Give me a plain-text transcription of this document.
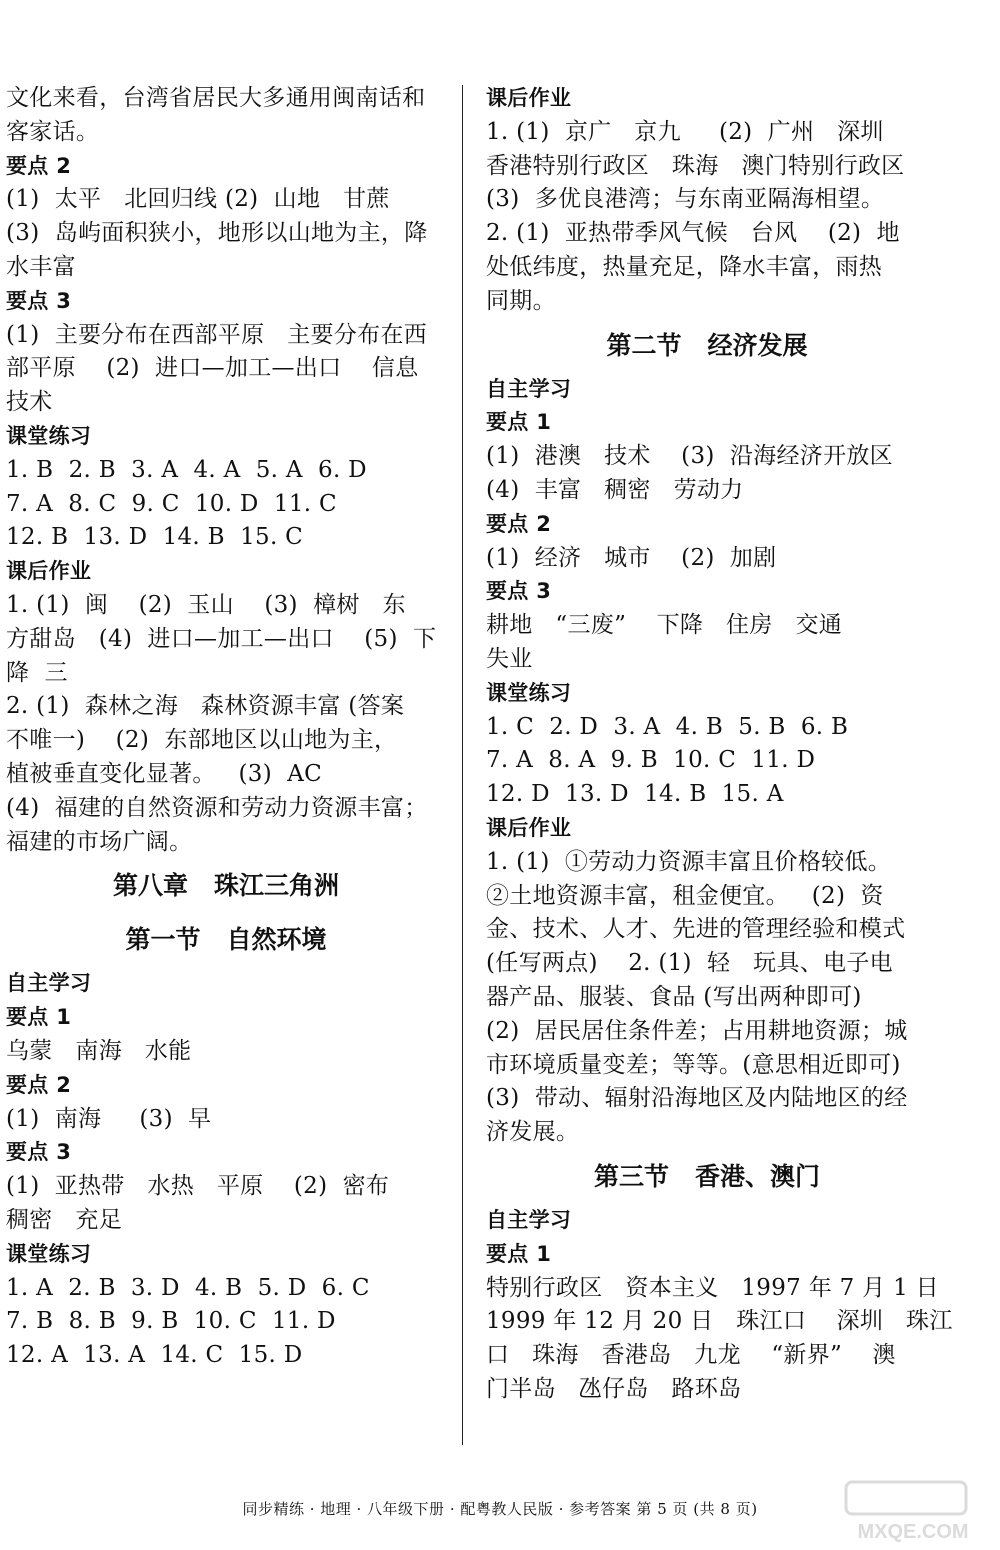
文化来看，台湾省居民大多通用闽南话和
客家话。
要点 2
(1)  太平   北回归线 (2)  山地   甘蔗
(3)  岛屿面积狭小，地形以山地为主，降
水丰富
要点 3
(1)  主要分布在西部平原   主要分布在西
部平原    (2)  进口—加工—出口    信息
技术
课堂练习
1. B  2. B  3. A  4. A  5. A  6. D
7. A  8. C  9. C  10. D  11. C
12. B  13. D  14. B  15. C
课后作业
1. (1)  闽    (2)  玉山    (3)  樟树   东
方甜岛   (4)  进口—加工—出口    (5)  下
降  三
2. (1)  森林之海   森林资源丰富 (答案
不唯一)    (2)  东部地区以山地为主，
植被垂直变化显著。   (3)  AC
(4)  福建的自然资源和劳动力资源丰富；
福建的市场广阔。
第八章   珠江三角洲
第一节   自然环境
自主学习
要点 1
乌蒙   南海   水能
要点 2
(1)  南海     (3)  早
要点 3
(1)  亚热带   水热   平原    (2)  密布
稠密   充足
课堂练习
1. A  2. B  3. D  4. B  5. D  6. C
7. B  8. B  9. B  10. C  11. D
12. A  13. A  14. C  15. D
课后作业
1. (1)  京广   京九     (2)  广州   深圳
香港特别行政区   珠海   澳门特别行政区
(3)  多优良港湾；与东南亚隔海相望。
2. (1)  亚热带季风气候   台风    (2)  地
处低纬度，热量充足，降水丰富，雨热
同期。
第二节   经济发展
自主学习
要点 1
(1)  港澳   技术    (3)  沿海经济开放区
(4)  丰富   稠密   劳动力
要点 2
(1)  经济   城市    (2)  加剧
要点 3
耕地   “三废”    下降   住房   交通
失业
课堂练习
1. C  2. D  3. A  4. B  5. B  6. B
7. A  8. A  9. B  10. C  11. D
12. D  13. D  14. B  15. A
课后作业
1. (1)  ①劳动力资源丰富且价格较低。
②土地资源丰富，租金便宜。   (2)  资
金、技术、人才、先进的管理经验和模式
(任写两点)    2. (1)  轻   玩具、电子电
器产品、服装、食品 (写出两种即可)
(2)  居民居住条件差；占用耕地资源；城
市环境质量变差；等等。(意思相近即可)
(3)  带动、辐射沿海地区及内陆地区的经
济发展。
第三节   香港、澳门
自主学习
要点 1
特别行政区   资本主义   1997 年 7 月 1 日
1999 年 12 月 20 日   珠江口    深圳   珠江
口   珠海   香港岛   九龙    “新界”    澳
门半岛   氹仔岛   路环岛
同步精练 · 地理 · 八年级下册 · 配粤教人民版 · 参考答案 第 5 页 (共 8 页)
MXQE.COM
